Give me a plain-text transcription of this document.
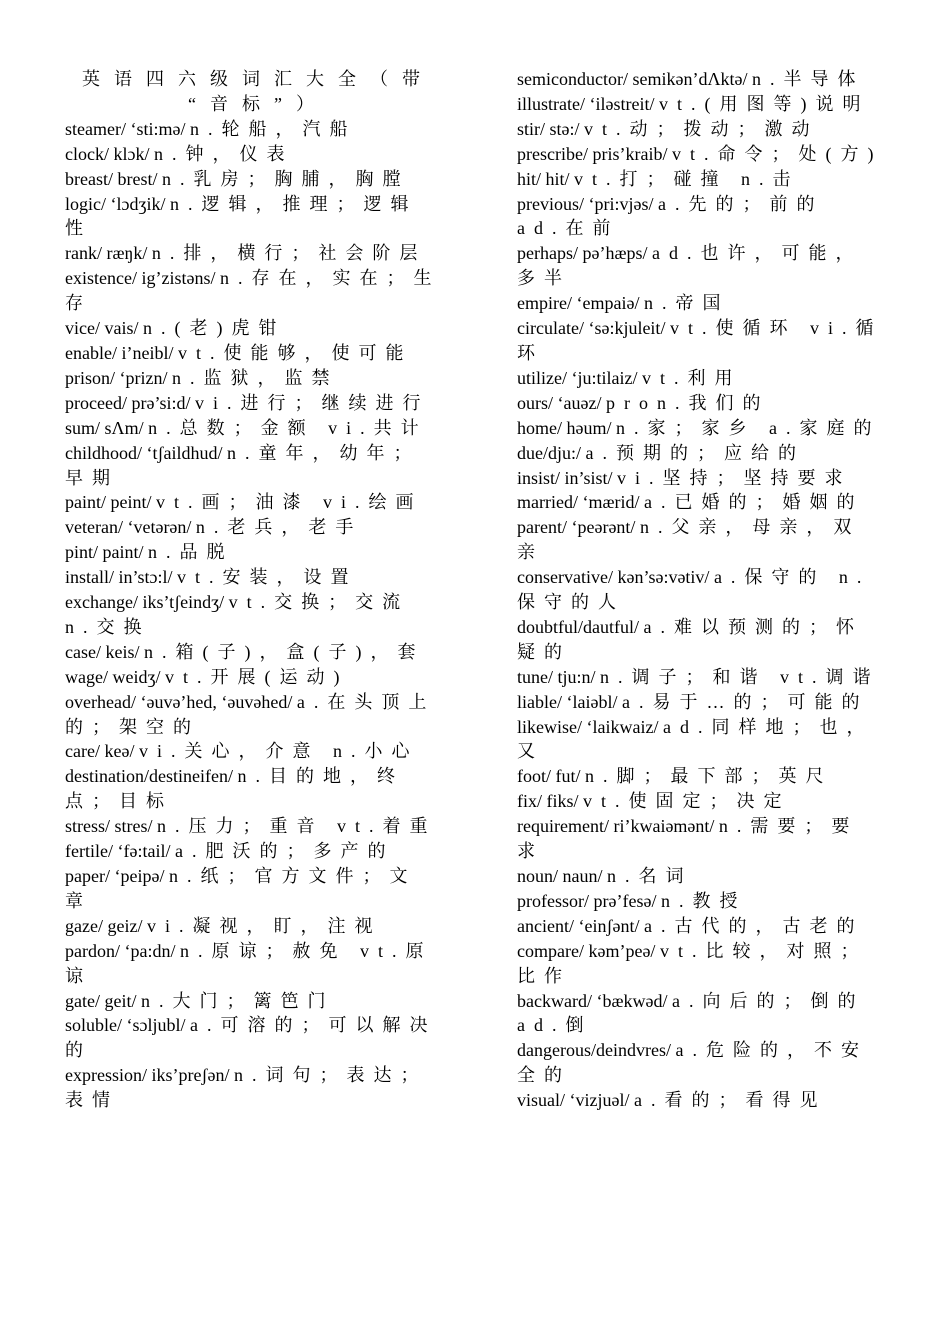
英语四六级词汇大全（带
“音标”）
steamer/ ‘sti:mə/ n.轮船，汽船
clock/ klɔk/ n.钟，仪表
breast/ brest/ n.乳房；胸脯，胸膛
logic/ ‘lɔdʒik/ n.逻辑，推理；逻辑性
rank/ ræŋk/ n.排，横行；社会阶层
existence/ ig’zistəns/ n.存在，实在；生存
vice/ vais/ n.(老)虎钳
enable/ i’neibl/ vt.使能够，使可能
prison/ ‘prizn/ n.监狱，监禁
proceed/ prə’si:d/ vi.进行；继续进行
sum/ sΛm/ n.总数；金额 vi.共计
childhood/ ‘tʃaildhud/ n.童年，幼年；早期
paint/ peint/ vt.画；油漆 vi.绘画
veteran/ ‘vetərən/ n.老兵，老手
pint/ paint/ n.品脱
install/ in’stɔ:l/ vt.安装，设置
exchange/ iks’tʃeindʒ/ vt.交换；交流 n.交换
case/ keis/ n.箱(子)，盒(子)，套
wage/ weidʒ/ vt.开展(运动)
overhead/ ‘əuvə’hed, ‘əuvəhed/ a.在头顶上的；架空的
care/ keə/ vi.关心，介意 n.小心
destination/destineifen/ n.目的地，终点；目标
stress/ stres/ n.压力；重音 vt.着重
fertile/ ‘fə:tail/ a.肥沃的；多产的
paper/ ‘peipə/ n.纸；官方文件；文章
gaze/ geiz/ vi.凝视，盯，注视
pardon/ ‘pa:dn/ n.原谅；赦免 vt.原谅
gate/ geit/ n.大门；篱笆门
soluble/ ‘sɔljubl/ a.可溶的；可以解决的
expression/ iks’preʃən/ n.词句；表达；表情
semiconductor/ semikən’dΛktə/ n.半导体
illustrate/ ‘iləstreit/ vt.(用图等)说明
stir/ stə:/ vt.动；拨动；激动
prescribe/ pris’kraib/ vt.命令；处(方)
hit/ hit/ vt.打；碰撞 n.击
previous/ ‘pri:vjəs/ a.先的；前的 ad.在前
perhaps/ pə’hæps/ ad.也许，可能，多半
empire/ ‘empaiə/ n.帝国
circulate/ ‘sə:kjuleit/ vt.使循环 vi.循环
utilize/ ‘ju:tilaiz/ vt.利用
ours/ ‘auəz/ pron.我们的
home/ həum/ n.家；家乡 a.家庭的
due/dju:/ a.预期的；应给的
insist/ in’sist/ vi.坚持；坚持要求
married/ ‘mærid/ a.已婚的；婚姻的
parent/ ‘peərənt/ n.父亲，母亲，双亲
conservative/ kən’sə:vətiv/ a.保守的 n.保守的人
doubtful/dautful/ a.难以预测的；怀疑的
tune/ tju:n/ n.调子；和谐 vt.调谐
liable/ ‘laiəbl/ a.易于…的；可能的
likewise/ ‘laikwaiz/ ad.同样地；也，又
foot/ fut/ n.脚；最下部；英尺
fix/ fiks/ vt.使固定；决定
requirement/ ri’kwaiəmənt/ n.需要；要求
noun/ naun/ n.名词
professor/ prə’fesə/ n.教授
ancient/ ‘einʃənt/ a.古代的，古老的
compare/ kəm’peə/ vt.比较，对照；比作
backward/ ‘bækwəd/ a.向后的；倒的 ad.倒
dangerous/deindvres/ a.危险的，不安全的
visual/ ‘vizjuəl/ a.看的；看得见
